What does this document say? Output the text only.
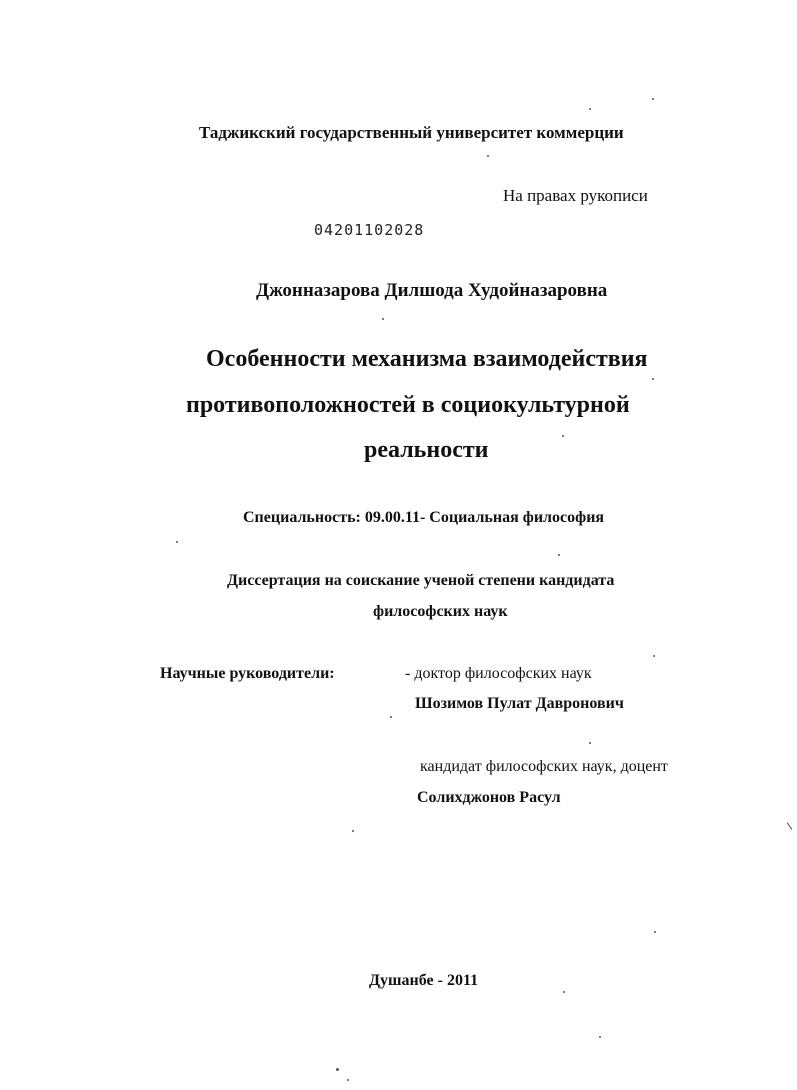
Таджикский государственный университет коммерции
На правах рукописи
04201102028
Джонназарова Дилшода Худойназаровна
Особенности механизма взаимодействия
противоположностей в социокультурной
реальности
Специальность: 09.00.11- Социальная философия
Диссертация на соискание ученой степени кандидата
философских наук
Научные руководители:	- доктор философских наук
Шозимов Пулат Давронович
кандидат философских наук, доцент
Солихджонов Расул
Душанбе - 2011
